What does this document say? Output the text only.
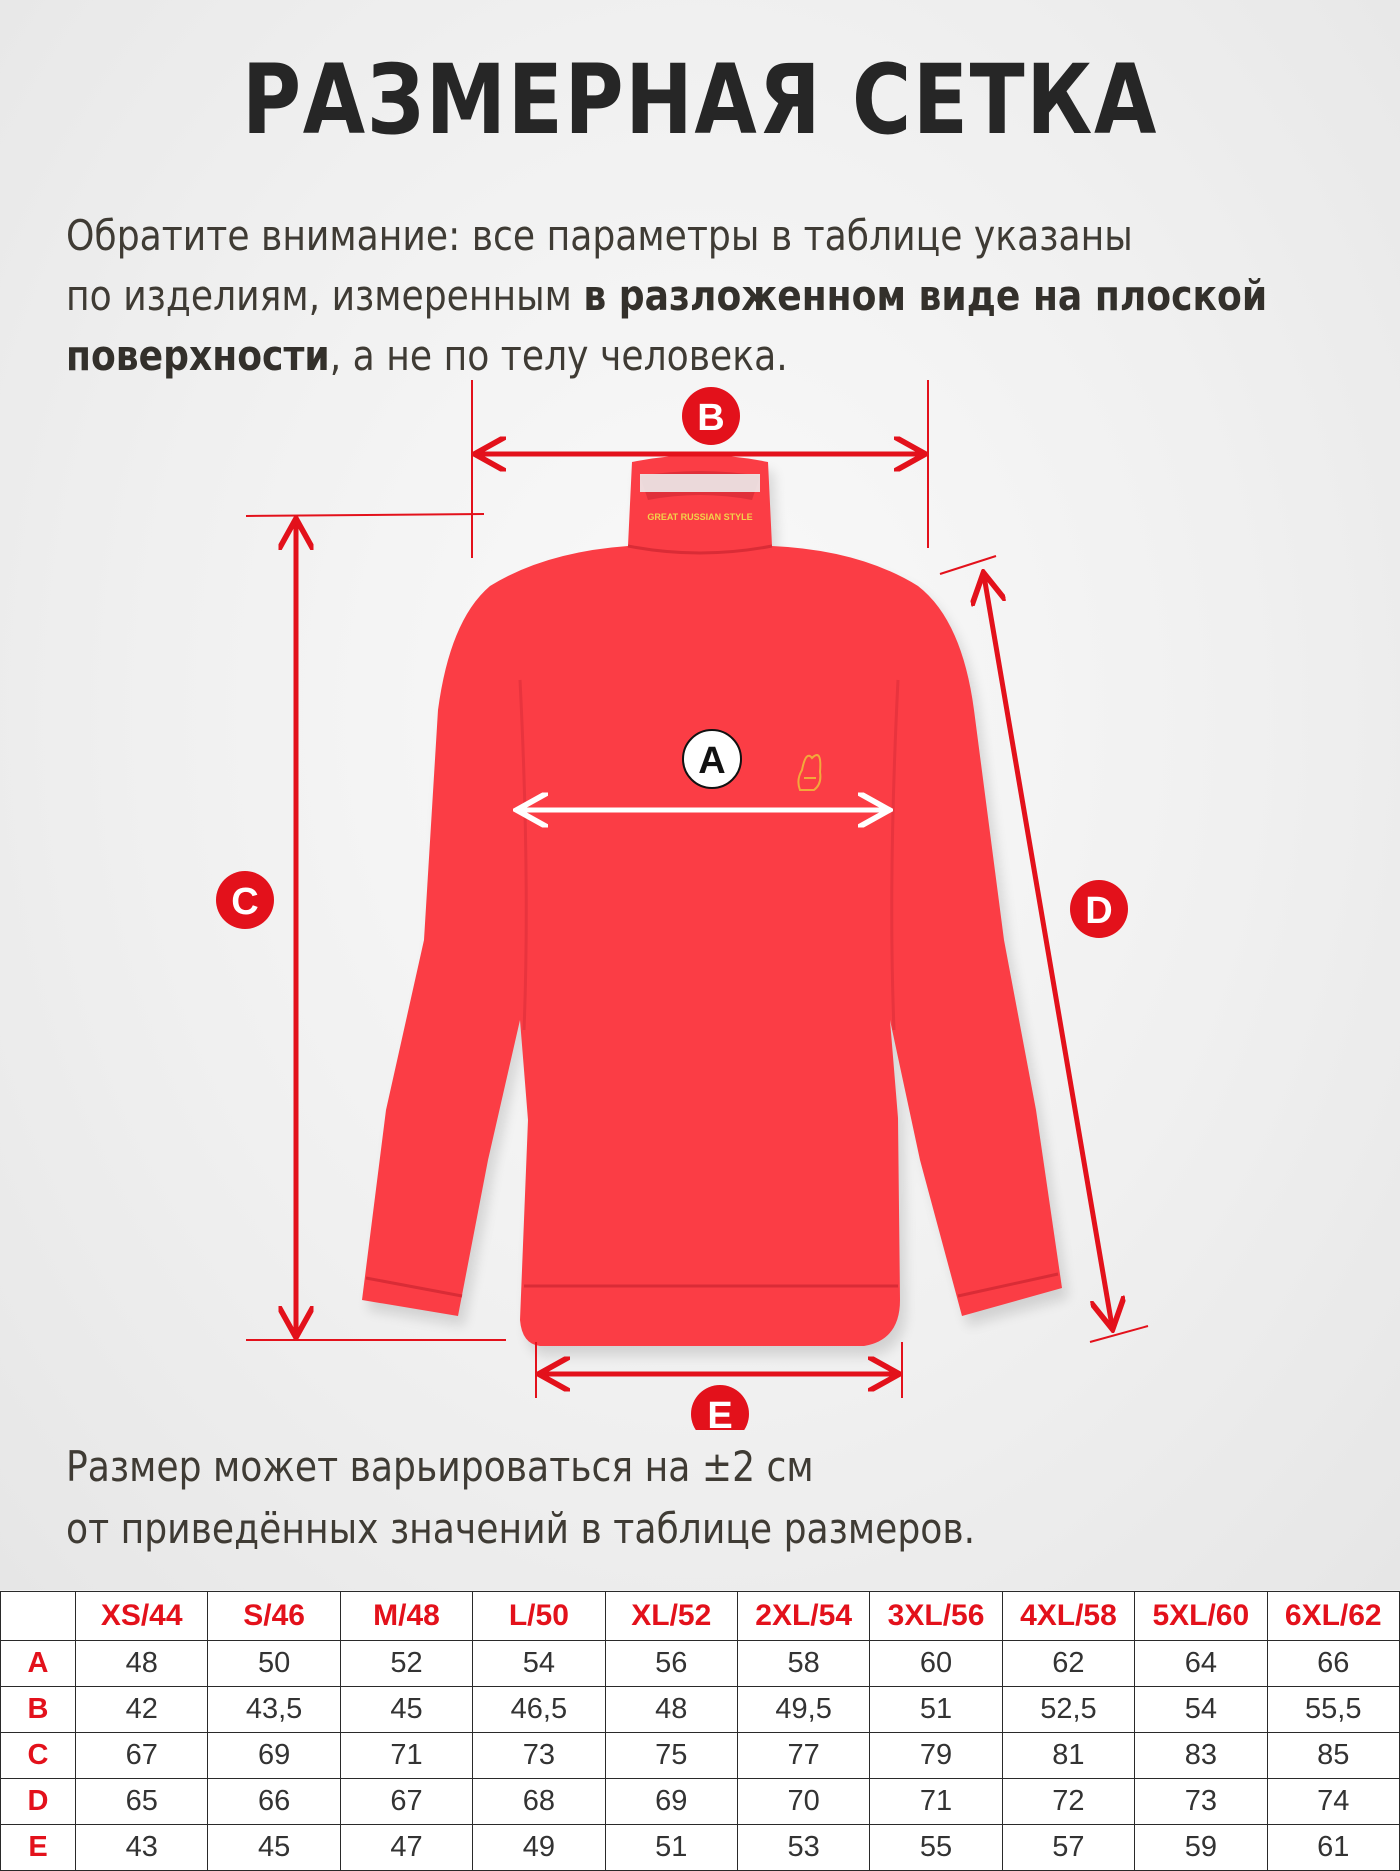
РАЗМЕРНАЯ СЕТКА
Обратите внимание: все параметры в таблице указаны
по изделиям, измеренным в разложенном виде на плоской
поверхности, а не по телу человека.
GREAT RUSSIAN STYLE
B
C	D
E
A
Размер может варьироваться на ±2 см
от приведённых значений в таблице размеров.
	XS/44	S/46	M/48	L/50	XL/52	2XL/54	3XL/56	4XL/58	5XL/60	6XL/62
A	48	50	52	54	56	58	60	62	64	66
B	42	43,5	45	46,5	48	49,5	51	52,5	54	55,5
C	67	69	71	73	75	77	79	81	83	85
D	65	66	67	68	69	70	71	72	73	74
E	43	45	47	49	51	53	55	57	59	61
